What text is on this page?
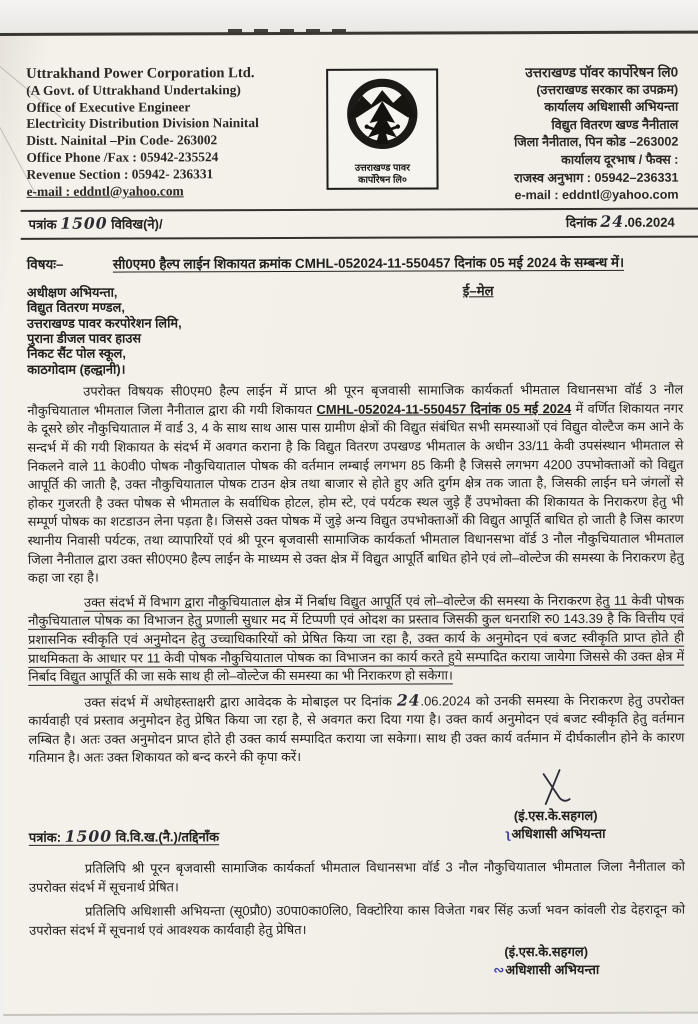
Uttrakhand Power Corporation Ltd.
(A Govt. of Uttrakhand Undertaking)
Office of Executive Engineer
Electricity Distribution Division Nainital
Distt. Nainital –Pin Code- 263002
Office Phone /Fax : 05942-235524
Revenue Section : 05942- 236331
e-mail : eddntl@yahoo.com
उत्तराखण्ड पावर
कार्पोरेषन लि०
उत्तराखण्ड पॉवर कार्पोरेषन लि0
(उत्तराखण्ड सरकार का उपक्रम)
कार्यालय अधिशासी अभियन्ता
विद्युत वितरण खण्ड नैनीताल
जिला नैनीताल, पिन कोड –263002
कार्यालय दूरभाष / फैक्स :
राजस्व अनुभाग : 05942–236331
e-mail : eddntl@yahoo.com
पत्रांक 1500 विविख(ने)/	दिनांक 24.06.2024
विषयः–	सी0एम0 हैल्प लाईन शिकायत क्रमांक CMHL-052024-11-550457 दिनांक 05 मई 2024 के सम्बन्ध में।
ई–मेल
अधीक्षण अभियन्ता,
विद्युत वितरण मण्डल,
उत्तराखण्ड पावर करपोरेशन लिमि,
पुराना डीजल पावर हाउस
निकट सैंट पोल स्कूल,
काठगोदाम (हल्द्वानी)।

उपरोक्त विषयक सी0एम0 हैल्प लाईन में प्राप्त श्री पूरन बृजवासी सामाजिक कार्यकर्ता भीमताल विधानसभा वॉर्ड 3 नौल नौकुचियाताल भीमताल जिला नैनीताल द्वारा की गयी शिकायत CMHL-052024-11-550457 दिनांक 05 मई 2024 में वर्णित शिकायत नगर के दूसरे छोर नौकुचियाताल में वार्ड 3, 4 के साथ साथ आस पास ग्रामीण क्षेत्रों की विद्युत संबंधित सभी समस्याओं एवं विद्युत वोल्टैज कम आने के सन्दर्भ में की गयी शिकायत के संदर्भ में अवगत कराना है कि विद्युत वितरण उपखण्ड भीमताल के अधीन 33/11 केवी उपसंस्थान भीमताल से निकलने वाले 11 के0वी0 पोषक नौकुचियाताल पोषक की वर्तमान लम्बाई लगभग 85 किमी है जिससे लगभग 4200 उपभोक्ताओं को विद्युत आपूर्ति की जाती है, उक्त नौकुचियाताल पोषक टाउन क्षेत्र तथा बाजार से होते हुए अति दुर्गम क्षेत्र तक जाता है, जिसकी लाईन घने जंगलों से होकर गुजरती है उक्त पोषक से भीमताल के सर्वाधिक होटल, होम स्टे, एवं पर्यटक स्थल जुड़े हैं उपभोक्ता की शिकायत के निराकरण हेतु भी सम्पूर्ण पोषक का शटडाउन लेना पड़ता है। जिससे उक्त पोषक में जुड़े अन्य विद्युत उपभोक्ताओं की विद्युत आपूर्ति बाधित हो जाती है जिस कारण स्थानीय निवासी पर्यटक, तथा व्यापारियों एवं श्री पूरन बृजवासी सामाजिक कार्यकर्ता भीमताल विधानसभा वॉर्ड 3 नौल नौकुचियाताल भीमताल जिला नैनीताल द्वारा उक्त सी0एम0 हैल्प लाईन के माध्यम से उक्त क्षेत्र में विद्युत आपूर्ति बाधित होने एवं लो–वोल्टेज की समस्या के निराकरण हेतु कहा जा रहा है।

उक्त संदर्भ में विभाग द्वारा नौकुचियाताल क्षेत्र में निर्बाध विद्युत आपूर्ति एवं लो–वोल्टेज की समस्या के निराकरण हेतु 11 केवी पोषक नौकुचियाताल पोषक का विभाजन हेतु प्रणाली सुधार मद में टिप्पणी एवं ओदश का प्रस्ताव जिसकी कुल धनराशि रु0 143.39 है कि वित्तीय एवं प्रशासनिक स्वीकृति एवं अनुमोदन हेतु उच्चाधिकारियों को प्रेषित किया जा रहा है, उक्त कार्य के अनुमोदन एवं बजट स्वीकृति प्राप्त होते ही प्राथमिकता के आधार पर 11 केवी पोषक नौकुचियाताल पोषक का विभाजन का कार्य करते हुये सम्पादित कराया जायेगा जिससे की उक्त क्षेत्र में निर्बाद विद्युत आपूर्ति की जा सके साथ ही लो–वोल्टेज की समस्या का भी निराकरण हो सकेगा।

उक्त संदर्भ में अधोहस्ताक्षरी द्वारा आवेदक के मोबाइल पर दिनांक 24.06.2024 को उनकी समस्या के निराकरण हेतु उपरोक्त कार्यवाही एवं प्रस्ताव अनुमोदन हेतु प्रेषित किया जा रहा है, से अवगत करा दिया गया है। उक्त कार्य अनुमोदन एवं बजट स्वीकृति हेतु वर्तमान लम्बित है। अतः उक्त अनुमोदन प्राप्त होते ही उक्त कार्य सम्पादित कराया जा सकेगा। साथ ही उक्त कार्य वर्तमान में दीर्घकालीन होने के कारण गतिमान है। अतः उक्त शिकायत को बन्द करने की कृपा करें।

(इं.एस.के.सहगल)
ʅअधिशासी अभियन्ता
पत्रांक: 1500 वि.वि.ख.(नै.)/तद्दिनाँक

प्रतिलिपि श्री पूरन बृजवासी सामाजिक कार्यकर्ता भीमताल विधानसभा वॉर्ड 3 नौल नौकुचियाताल भीमताल जिला नैनीताल को उपरोक्त संदर्भ में सूचनार्थ प्रेषित।

प्रतिलिपि अधिशासी अभियन्ता (सू0प्रौ0) उ0पा0का0लि0, विक्टोरिया कास विजेता गबर सिंह ऊर्जा भवन कांवली रोड देहरादून को उपरोक्त संदर्भ में सूचनार्थ एवं आवश्यक कार्यवाही हेतु प्रेषित।

(इं.एस.के.सहगल)
∾अधिशासी अभियन्ता
